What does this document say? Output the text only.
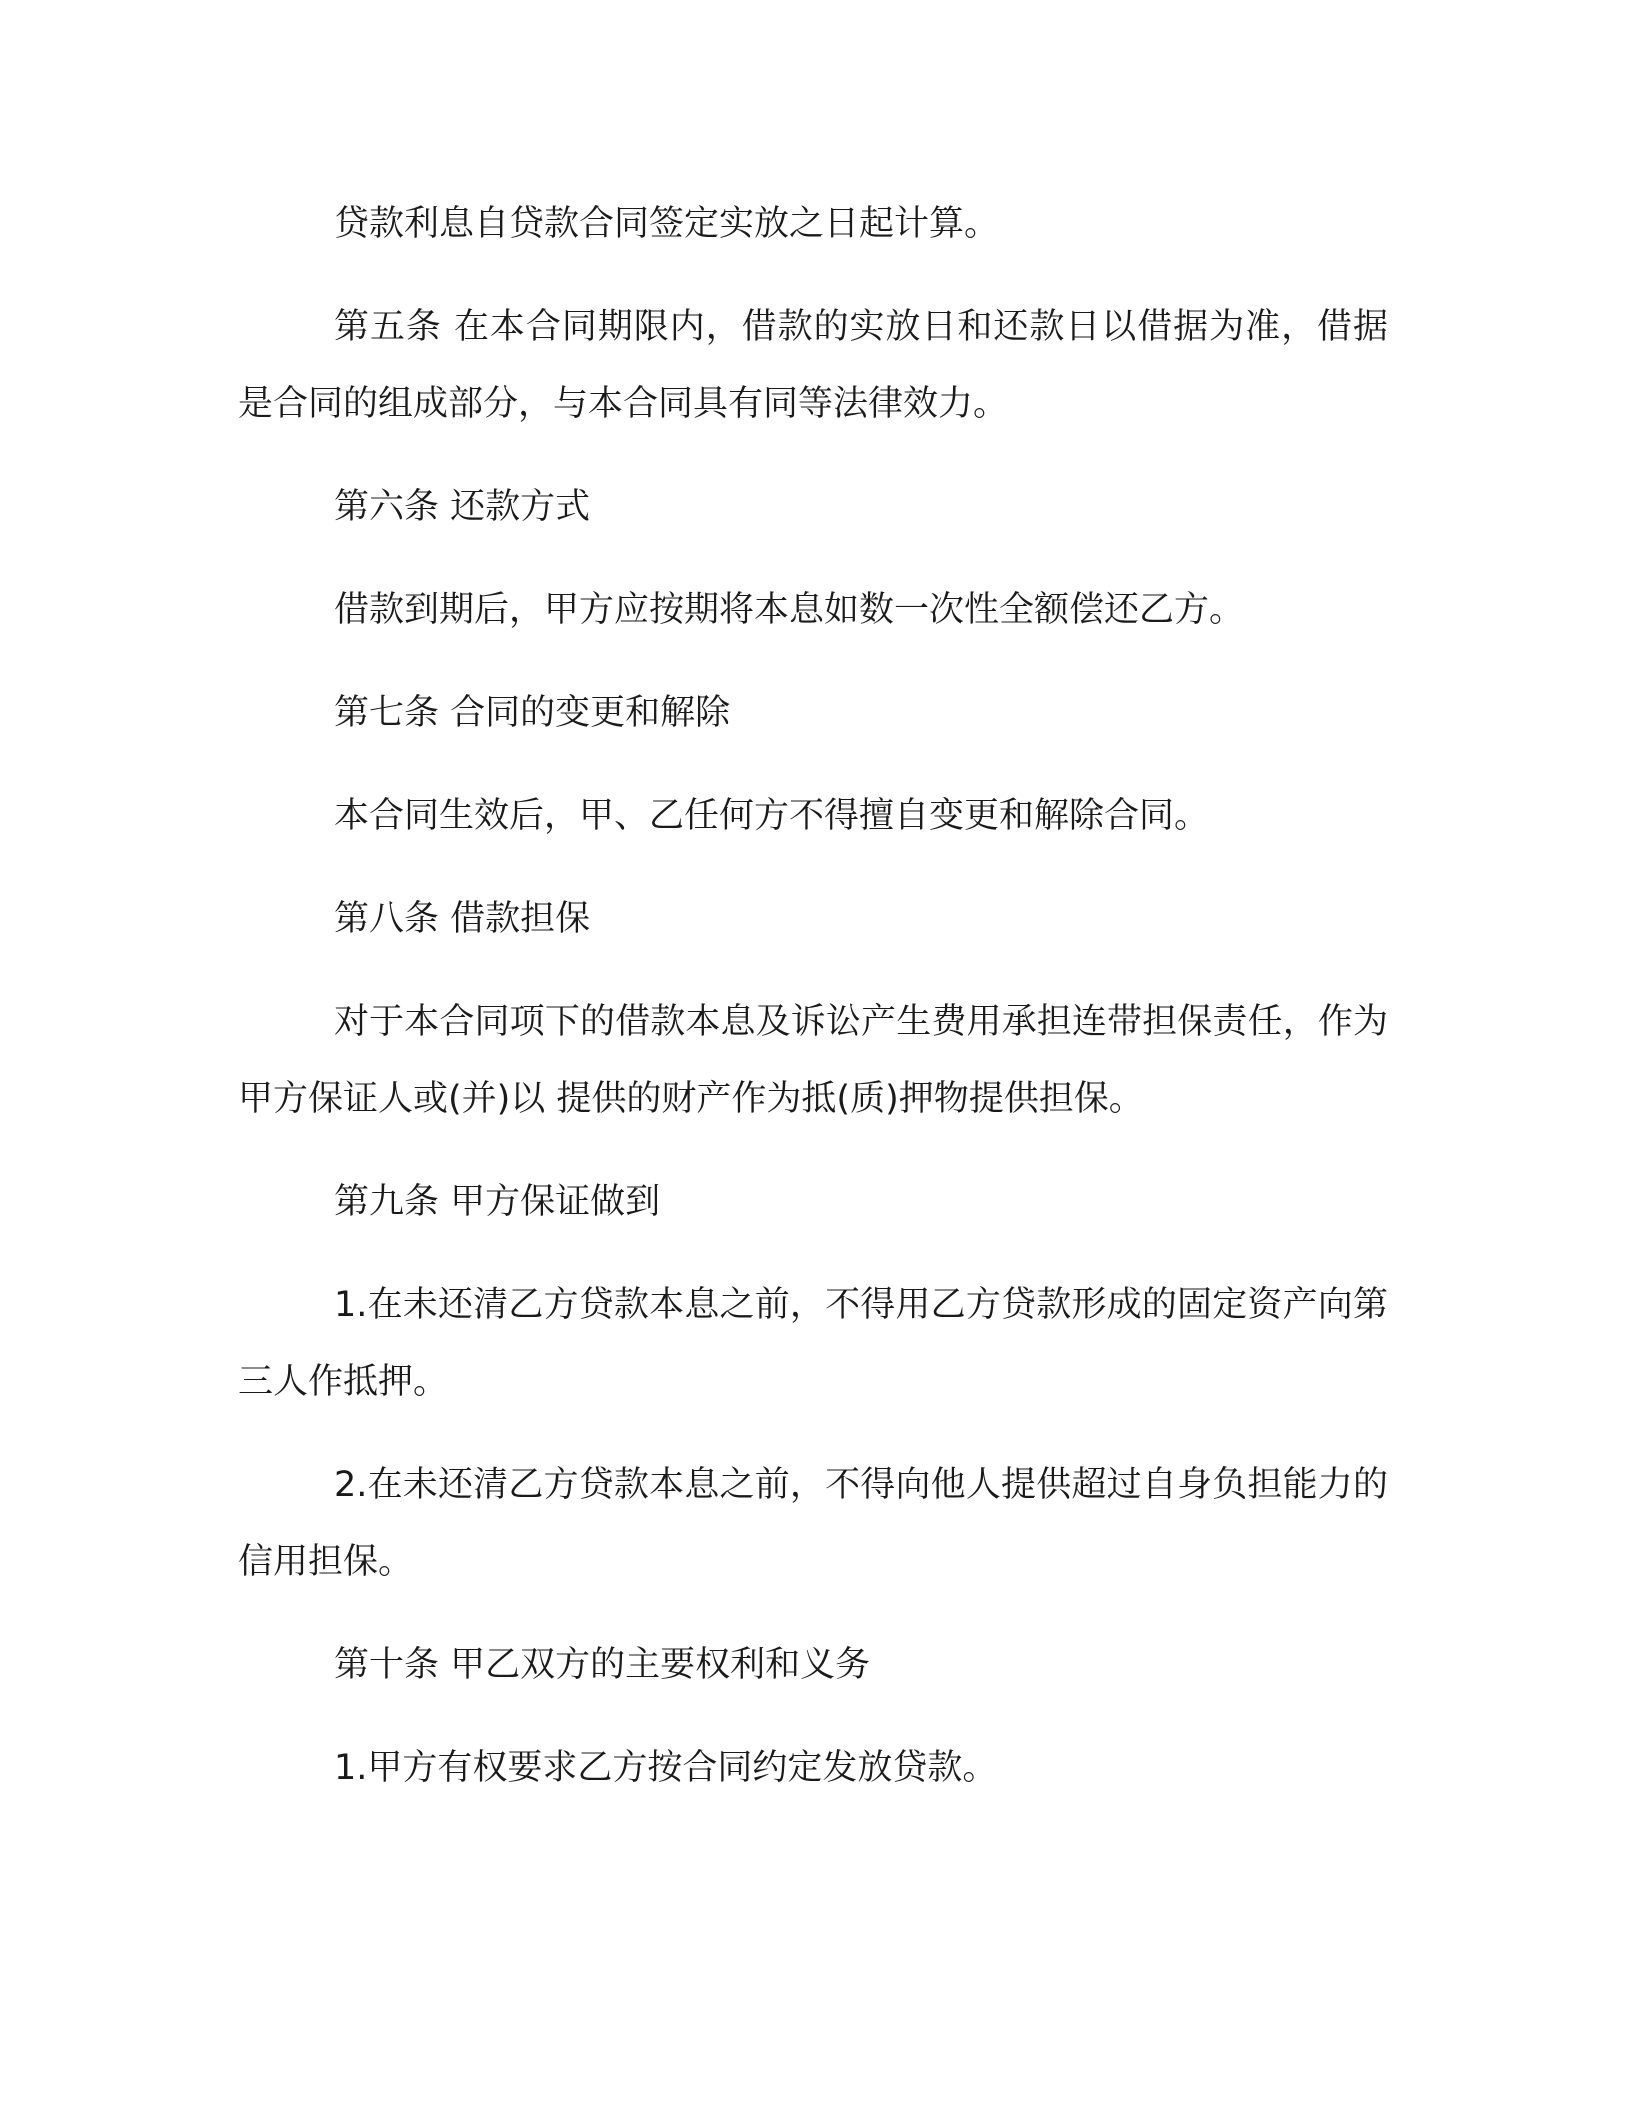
贷款利息自贷款合同签定实放之日起计算。

第五条 在本合同期限内，借款的实放日和还款日以借据为准，借据是合同的组成部分，与本合同具有同等法律效力。

第六条 还款方式

借款到期后，甲方应按期将本息如数一次性全额偿还乙方。

第七条 合同的变更和解除

本合同生效后，甲、乙任何方不得擅自变更和解除合同。

第八条 借款担保

对于本合同项下的借款本息及诉讼产生费用承担连带担保责任，作为甲方保证人或(并)以 提供的财产作为抵(质)押物提供担保。

第九条 甲方保证做到

1.在未还清乙方贷款本息之前，不得用乙方贷款形成的固定资产向第三人作抵押。

2.在未还清乙方贷款本息之前，不得向他人提供超过自身负担能力的信用担保。

第十条 甲乙双方的主要权利和义务

1.甲方有权要求乙方按合同约定发放贷款。
